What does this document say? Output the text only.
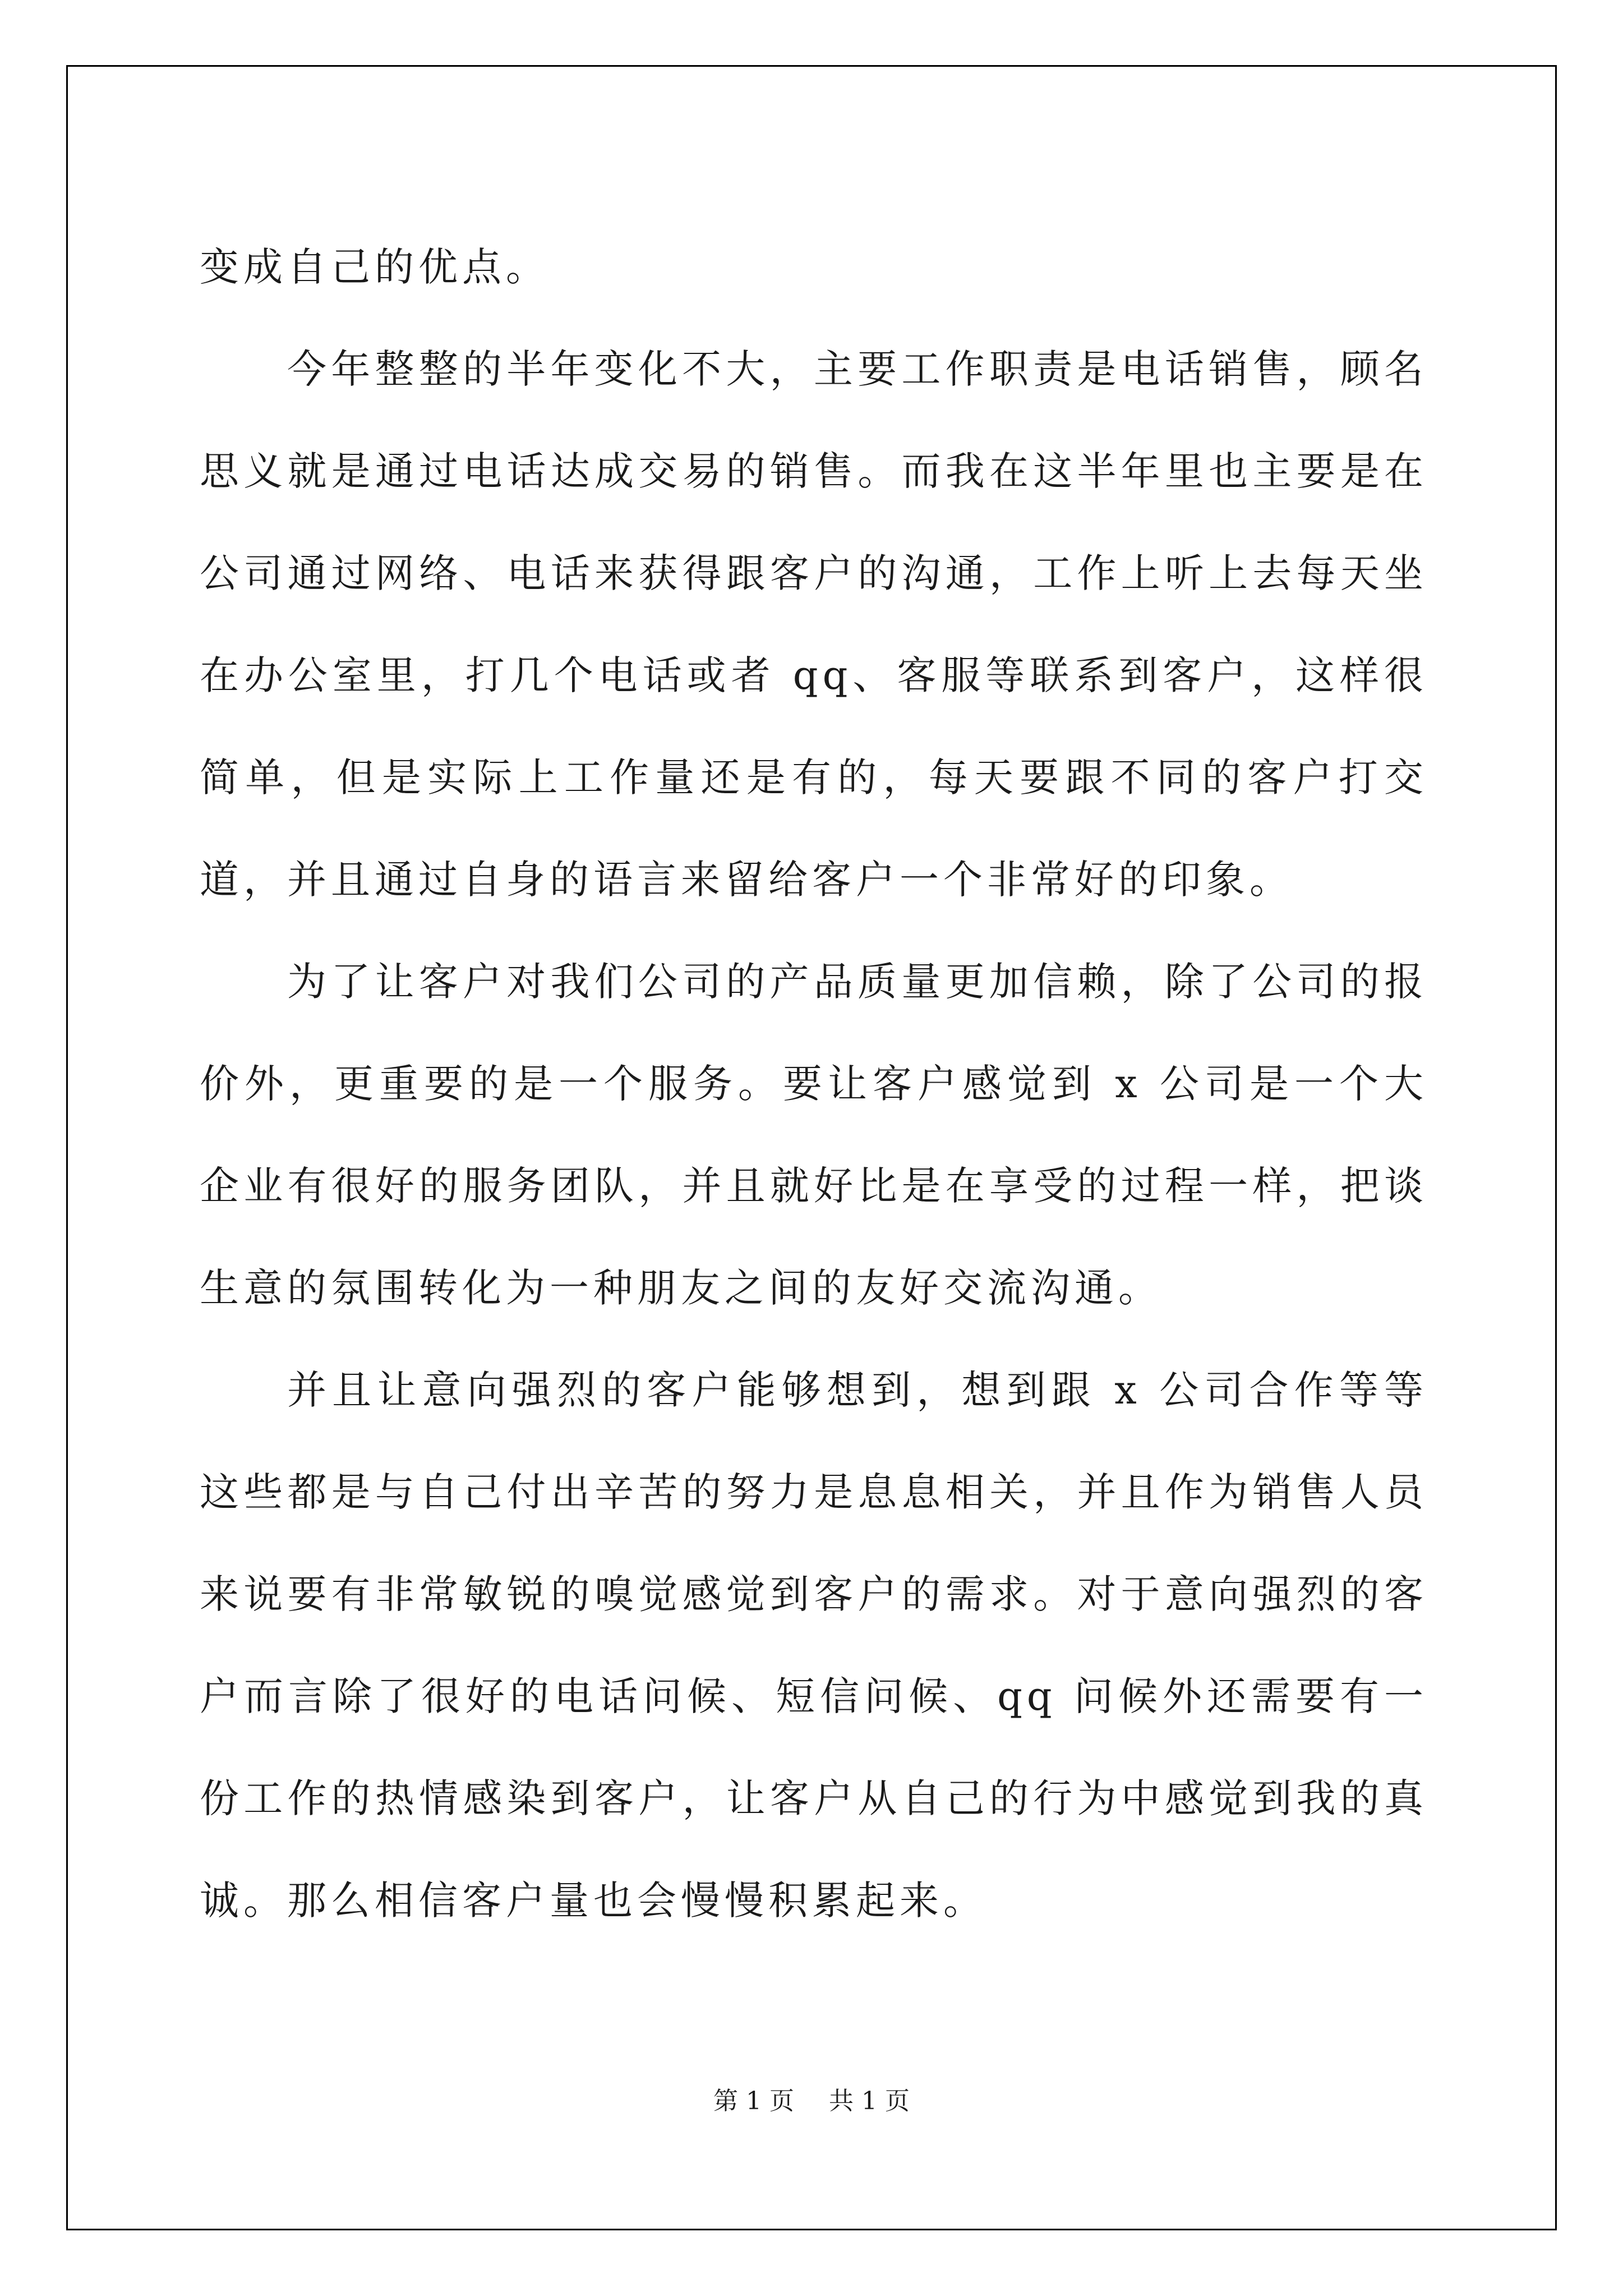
变成自己的优点。

今年整整的半年变化不大，主要工作职责是电话销售，顾名思义就是通过电话达成交易的销售。而我在这半年里也主要是在公司通过网络、电话来获得跟客户的沟通，工作上听上去每天坐在办公室里，打几个电话或者 qq、客服等联系到客户，这样很简单，但是实际上工作量还是有的，每天要跟不同的客户打交道，并且通过自身的语言来留给客户一个非常好的印象。

为了让客户对我们公司的产品质量更加信赖，除了公司的报价外，更重要的是一个服务。要让客户感觉到 x 公司是一个大企业有很好的服务团队，并且就好比是在享受的过程一样，把谈生意的氛围转化为一种朋友之间的友好交流沟通。

并且让意向强烈的客户能够想到，想到跟 x 公司合作等等这些都是与自己付出辛苦的努力是息息相关，并且作为销售人员来说要有非常敏锐的嗅觉感觉到客户的需求。对于意向强烈的客户而言除了很好的电话问候、短信问候、qq 问候外还需要有一份工作的热情感染到客户，让客户从自己的行为中感觉到我的真诚。那么相信客户量也会慢慢积累起来。

第 1 页 共 1 页
